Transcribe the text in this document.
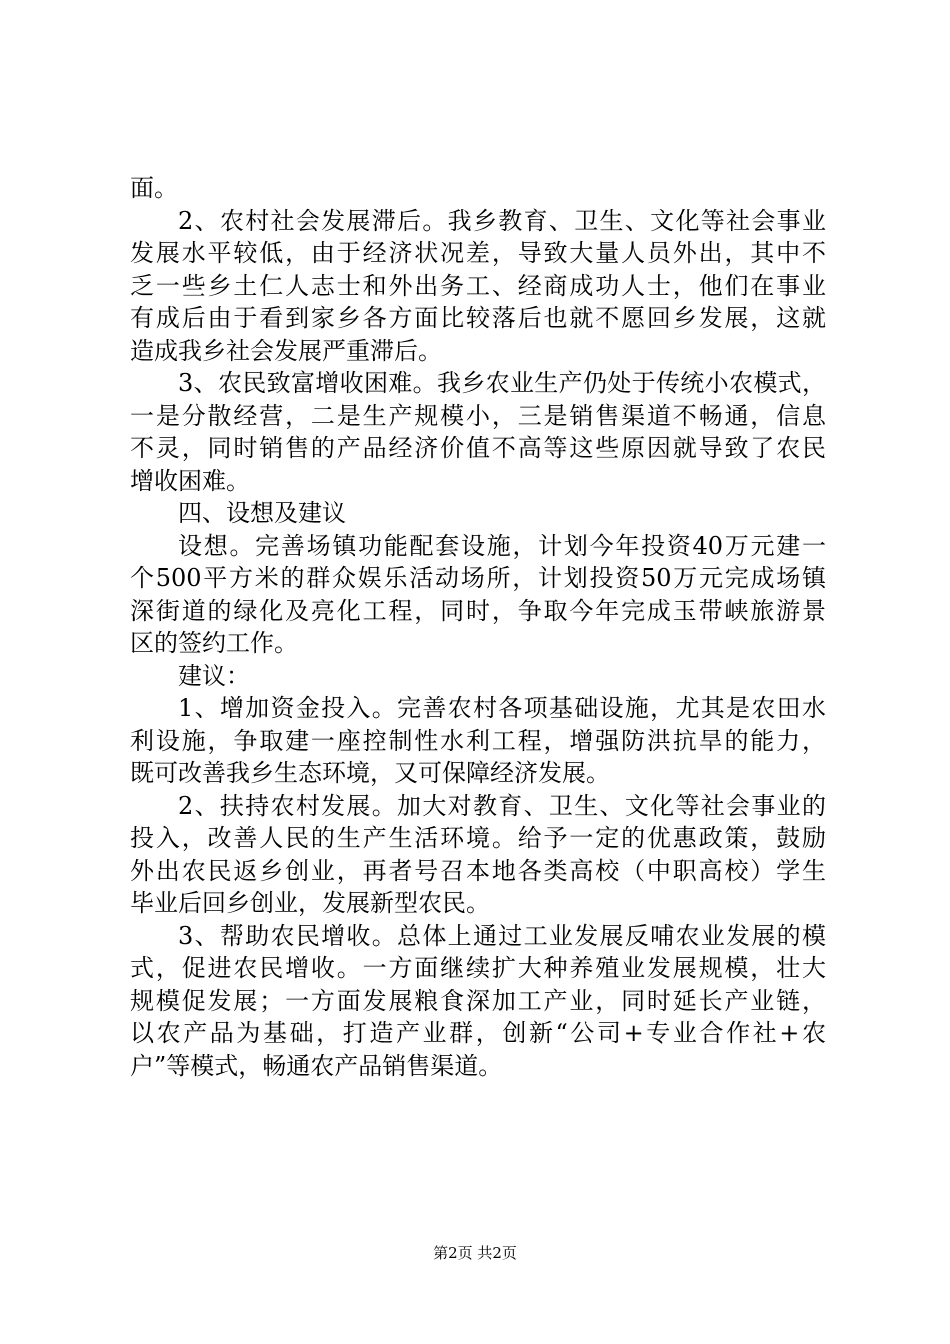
面。
2、农村社会发展滞后。我乡教育、卫生、文化等社会事业
发展水平较低，由于经济状况差，导致大量人员外出，其中不
乏一些乡土仁人志士和外出务工、经商成功人士，他们在事业
有成后由于看到家乡各方面比较落后也就不愿回乡发展，这就
造成我乡社会发展严重滞后。
3、农民致富增收困难。我乡农业生产仍处于传统小农模式，
一是分散经营，二是生产规模小，三是销售渠道不畅通，信息
不灵，同时销售的产品经济价值不高等这些原因就导致了农民
增收困难。
四、设想及建议
设想。完善场镇功能配套设施，计划今年投资40万元建一
个500平方米的群众娱乐活动场所，计划投资50万元完成场镇
深街道的绿化及亮化工程，同时，争取今年完成玉带峡旅游景
区的签约工作。
建议：
1、增加资金投入。完善农村各项基础设施，尤其是农田水
利设施，争取建一座控制性水利工程，增强防洪抗旱的能力，
既可改善我乡生态环境，又可保障经济发展。
2、扶持农村发展。加大对教育、卫生、文化等社会事业的
投入，改善人民的生产生活环境。给予一定的优惠政策，鼓励
外出农民返乡创业，再者号召本地各类高校（中职高校）学生
毕业后回乡创业，发展新型农民。
3、帮助农民增收。总体上通过工业发展反哺农业发展的模
式，促进农民增收。一方面继续扩大种养殖业发展规模，壮大
规模促发展；一方面发展粮食深加工产业，同时延长产业链，
以农产品为基础，打造产业群，创新“公司+专业合作社+农
户”等模式，畅通农产品销售渠道。
第2页 共2页
